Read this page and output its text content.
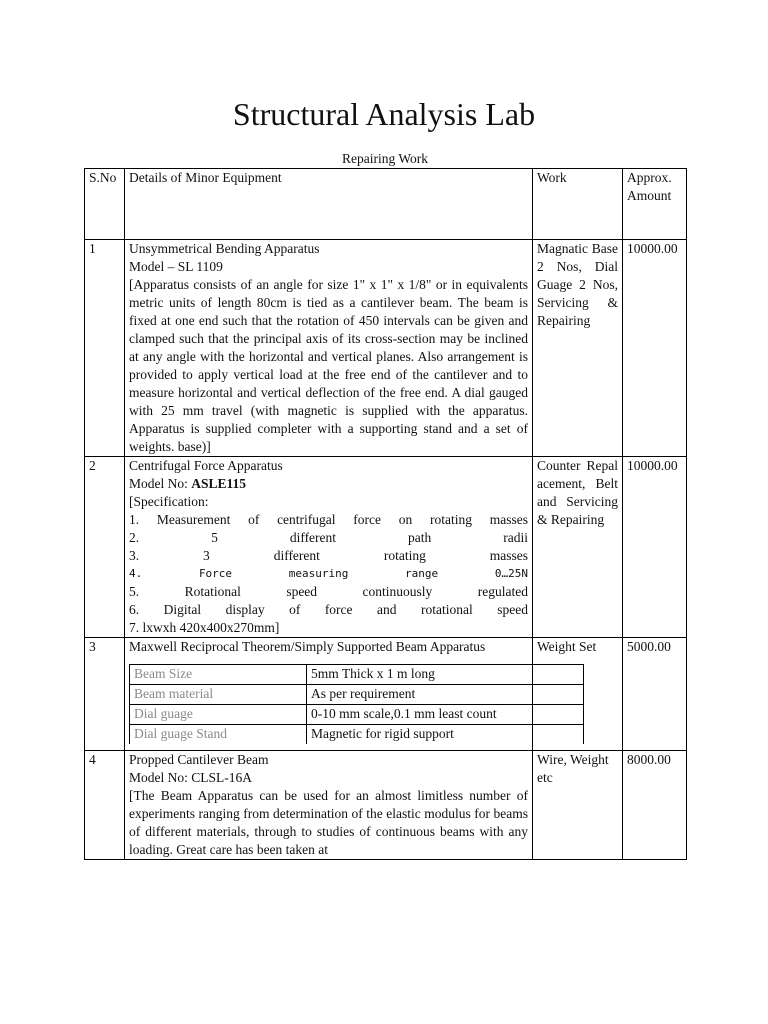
Structural Analysis Lab
Repairing Work
S.No	Details of Minor Equipment	Work	Approx. Amount
1	Unsymmetrical Bending Apparatus
Model – SL 1109
[Apparatus consists of an angle for size 1" x 1" x 1/8" or in equivalents metric units of length 80cm is tied as a cantilever beam. The beam is fixed at one end such that the rotation of 450 intervals can be given and clamped such that the principal axis of its cross-section may be inclined at any angle with the horizontal and vertical planes. Also arrangement is provided to apply vertical load at the free end of the cantilever and to measure horizontal and vertical deflection of the free end. A dial gauged with 25 mm travel (with magnetic is supplied with the apparatus. Apparatus is supplied completer with a supporting stand and a set of weights. base)]
	Magnatic Base 2 Nos, Dial Guage 2 Nos, Servicing & Repairing	10000.00
2	Centrifugal Force Apparatus
Model No: ASLE115
[Specification:
1. Measurement of centrifugal force on rotating masses
2.	5	different	path	radii
3.	3	different	rotating	masses
4.	Force	measuring	range	0…25N
5.	Rotational	speed	continuously	regulated
6. Digital display of force and rotational speed
7. lxwxh 420x400x270mm]
	Counter Repalacement, Belt and Servicing & Repairing	10000.00
3	Maxwell Reciprocal Theorem/Simply Supported Beam Apparatus
Beam Size	5mm Thick x 1 m long
Beam material	As per requirement
Dial guage	0-10 mm scale,0.1 mm least count
Dial guage Stand	Magnetic for rigid support
	Weight Set	5000.00
4	Propped Cantilever Beam
Model No: CLSL-16A
[The Beam Apparatus can be used for an almost limitless number of experiments ranging from determination of the elastic modulus for beams of different materials, through to studies of continuous beams with any loading. Great care has been taken at
	Wire, Weight etc	8000.00
